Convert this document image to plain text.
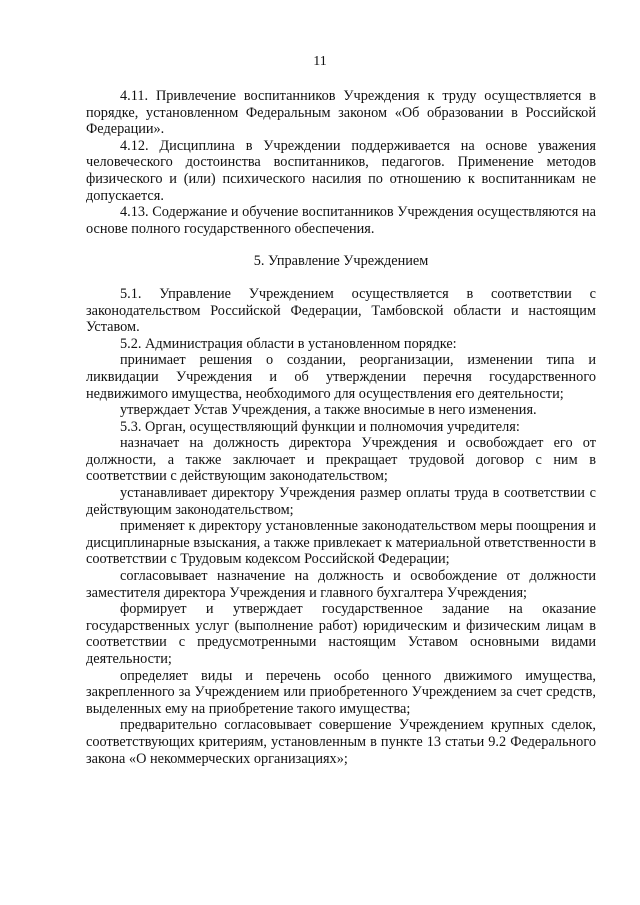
11

4.11. Привлечение воспитанников Учреждения к труду осуществляется в порядке, установленном Федеральным законом «Об образовании в Российской Федерации».

4.12. Дисциплина в Учреждении поддерживается на основе уважения человеческого достоинства воспитанников, педагогов. Применение методов физического и (или) психического насилия по отношению к воспитанникам не допускается.

4.13. Содержание и обучение воспитанников Учреждения осуществляются на основе полного государственного обеспечения.

5. Управление Учреждением

5.1. Управление Учреждением осуществляется в соответствии с законодательством Российской Федерации, Тамбовской области и настоящим Уставом.

5.2. Администрация области в установленном порядке:

принимает решения о создании, реорганизации, изменении типа и ликвидации Учреждения и об утверждении перечня государственного недвижимого имущества, необходимого для осуществления его деятельности;

утверждает Устав Учреждения, а также вносимые в него изменения.

5.3. Орган, осуществляющий функции и полномочия учредителя:

назначает на должность директора Учреждения и освобождает его от должности, а также заключает и прекращает трудовой договор с ним в соответствии с действующим законодательством;

устанавливает директору Учреждения размер оплаты труда в соответствии с действующим законодательством;

применяет к директору установленные законодательством меры поощрения и дисциплинарные взыскания, а также привлекает к материальной ответственности в соответствии с Трудовым кодексом Российской Федерации;

согласовывает назначение на должность и освобождение от должности заместителя директора Учреждения и главного бухгалтера Учреждения;

формирует и утверждает государственное задание на оказание государственных услуг (выполнение работ) юридическим и физическим лицам в соответствии с предусмотренными настоящим Уставом основными видами деятельности;

определяет виды и перечень особо ценного движимого имущества, закрепленного за Учреждением или приобретенного Учреждением за счет средств, выделенных ему на приобретение такого имущества;

предварительно согласовывает совершение Учреждением крупных сделок, соответствующих критериям, установленным в пункте 13 статьи 9.2 Федерального закона «О некоммерческих организациях»;
